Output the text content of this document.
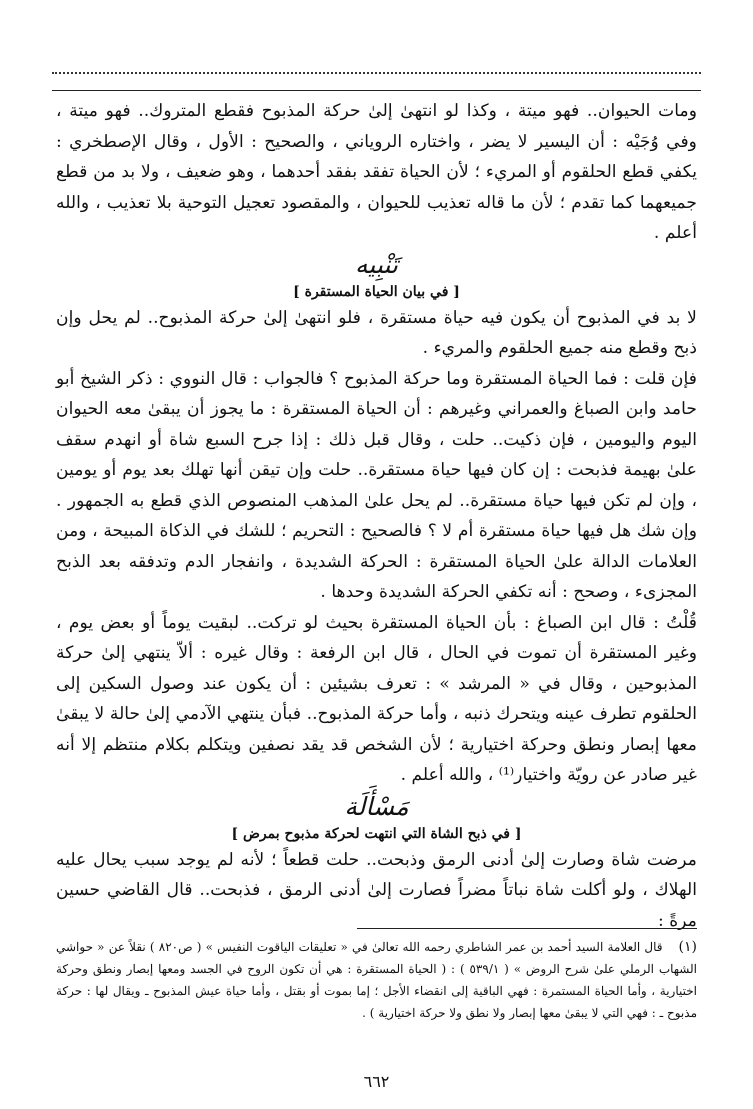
ومات الحيوان.. فهو ميتة ، وكذا لو انتهىٰ إلىٰ حركة المذبوح فقطع المتروك.. فهو ميتة ، وفي وُجَيْه : أن اليسير لا يضر ، واختاره الروياني ، والصحيح : الأول ، وقال الإصطخري : يكفي قطع الحلقوم أو المريء ؛ لأن الحياة تفقد بفقد أحدهما ، وهو ضعيف ، ولا بد من قطع جميعهما كما تقدم ؛ لأن ما قاله تعذيب للحيوان ، والمقصود تعجيل التوحية بلا تعذيب ، والله أعلم .

تَنْبِيه

[ في بيان الحياة المستقرة ]

لا بد في المذبوح أن يكون فيه حياة مستقرة ، فلو انتهىٰ إلىٰ حركة المذبوح.. لم يحل وإن ذبح وقطع منه جميع الحلقوم والمريء .

فإن قلت : فما الحياة المستقرة وما حركة المذبوح ؟ فالجواب : قال النووي : ذكر الشيخ أبو حامد وابن الصباغ والعمراني وغيرهم : أن الحياة المستقرة : ما يجوز أن يبقىٰ معه الحيوان اليوم واليومين ، فإن ذكيت.. حلت ، وقال قبل ذلك : إذا جرح السبع شاة أو انهدم سقف علىٰ بهيمة فذبحت : إن كان فيها حياة مستقرة.. حلت وإن تيقن أنها تهلك بعد يوم أو يومين ، وإن لم تكن فيها حياة مستقرة.. لم يحل علىٰ المذهب المنصوص الذي قطع به الجمهور . وإن شك هل فيها حياة مستقرة أم لا ؟ فالصحيح : التحريم ؛ للشك في الذكاة المبيحة ، ومن العلامات الدالة علىٰ الحياة المستقرة : الحركة الشديدة ، وانفجار الدم وتدفقه بعد الذبح المجزىء ، وصحح : أنه تكفي الحركة الشديدة وحدها .

قُلْتُ : قال ابن الصباغ : بأن الحياة المستقرة بحيث لو تركت.. لبقيت يوماً أو بعض يوم ، وغير المستقرة أن تموت في الحال ، قال ابن الرفعة : وقال غيره : ألاّ ينتهي إلىٰ حركة المذبوحين ، وقال في « المرشد » : تعرف بشيئين : أن يكون عند وصول السكين إلى الحلقوم تطرف عينه ويتحرك ذنبه ، وأما حركة المذبوح.. فبأن ينتهي الآدمي إلىٰ حالة لا يبقىٰ معها إبصار ونطق وحركة اختيارية ؛ لأن الشخص قد يقد نصفين ويتكلم بكلام منتظم إلا أنه غير صادر عن رويّة واختيار⁽¹⁾ ، والله أعلم .

مَسْأَلَة

[ في ذبح الشاة التي انتهت لحركة مذبوح بمرض ]

مرضت شاة وصارت إلىٰ أدنى الرمق وذبحت.. حلت قطعاً ؛ لأنه لم يوجد سبب يحال عليه الهلاك ، ولو أكلت شاة نباتاً مضراً فصارت إلىٰ أدنى الرمق ، فذبحت.. قال القاضي حسين مرةً :

(١)
قال العلامة السيد أحمد بن عمر الشاطري رحمه الله تعالىٰ في « تعليقات الياقوت النفيس » ( ص٨٢٠ ) نقلاً عن « حواشي الشهاب الرملي علىٰ شرح الروض » ( ٥٣٩/١ ) : ( الحياة المستقرة : هي أن تكون الروح في الجسد ومعها إبصار ونطق وحركة اختيارية ، وأما الحياة المستمرة : فهي الباقية إلى انقضاء الأجل ؛ إما بموت أو بقتل ، وأما حياة عيش المذبوح ـ ويقال لها : حركة مذبوح ـ : فهي التي لا يبقىٰ معها إبصار ولا نطق ولا حركة اختيارية ) .

٦٦٢
